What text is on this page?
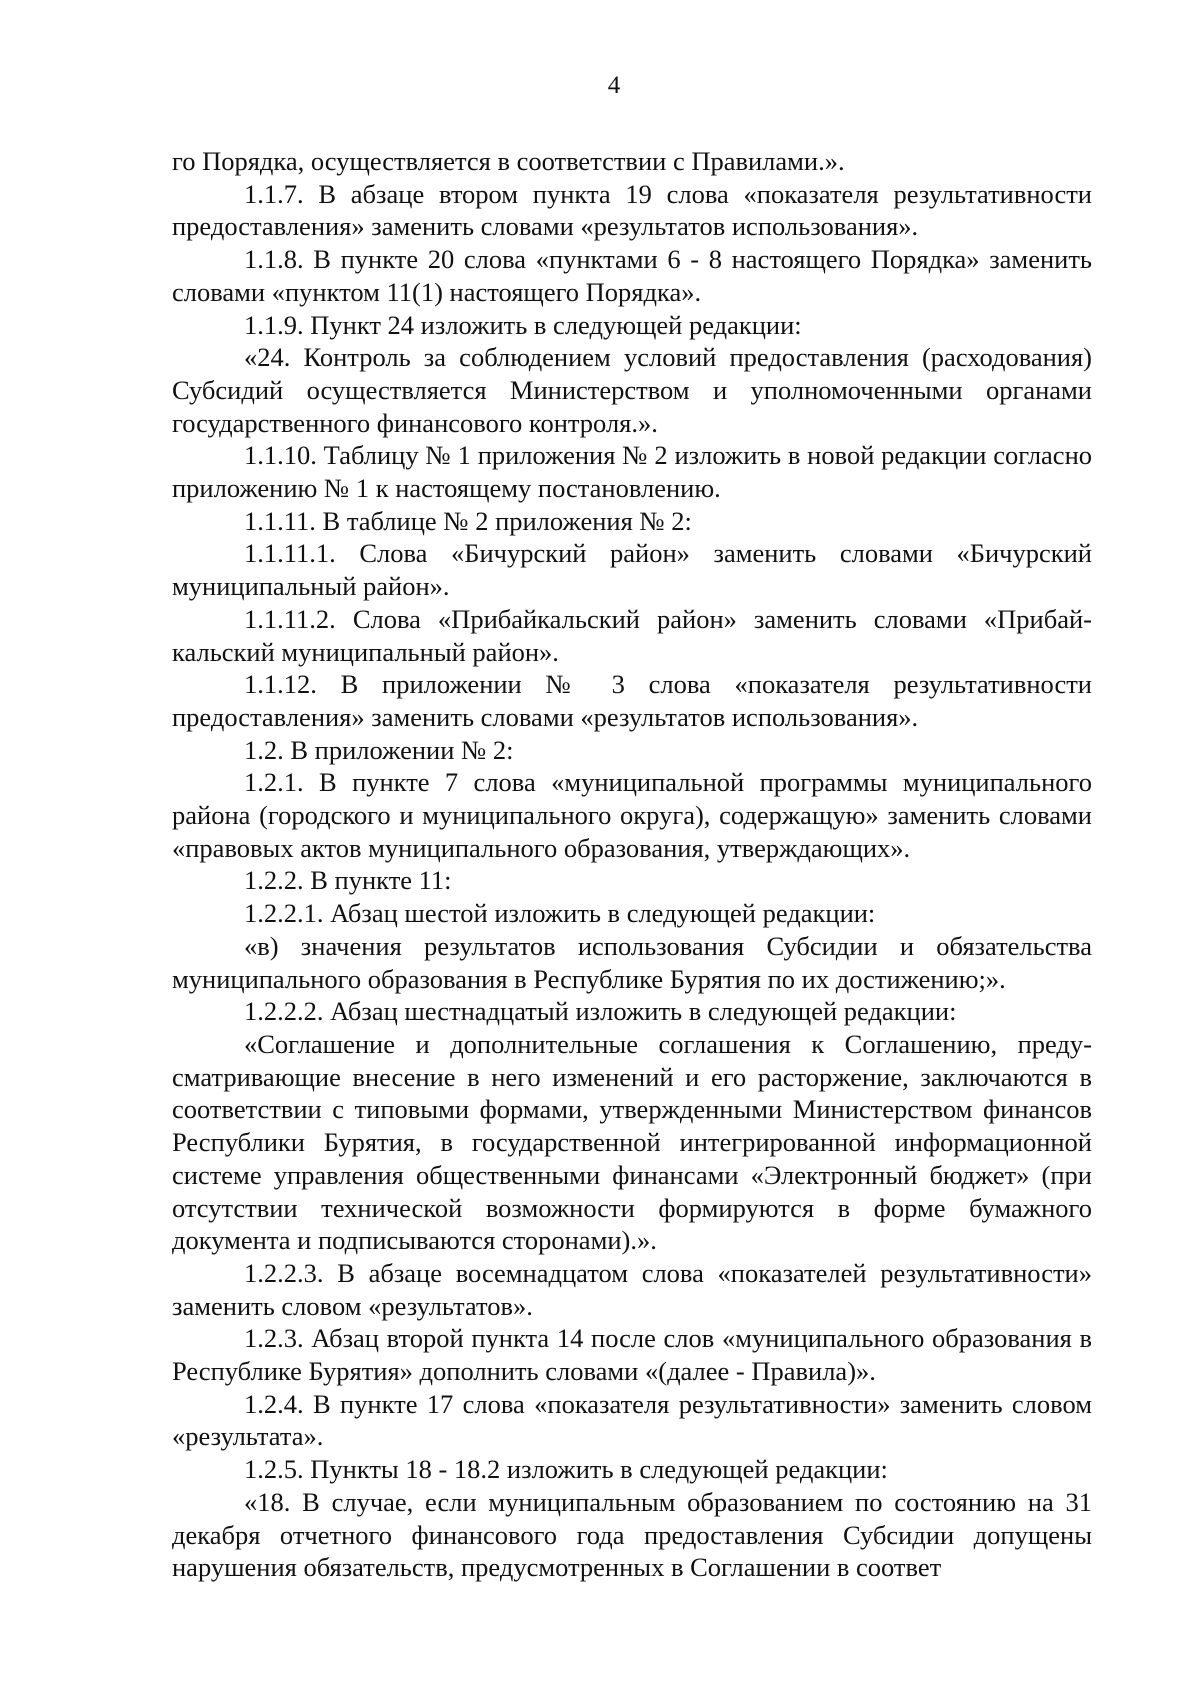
4

го Порядка, осуществляется в соответствии с Правилами.».

1.1.7. В абзаце втором пункта 19 слова «показателя результативности предоставления» заменить словами «результатов использования».

1.1.8. В пункте 20 слова «пунктами 6 - 8 настоящего Порядка» заменить словами «пунктом 11(1) настоящего Порядка».

1.1.9. Пункт 24 изложить в следующей редакции:

«24. Контроль за соблюдением условий предоставления (расходования) Субсидий осуществляется Министерством и уполномоченными органами государственного финансового контроля.».

1.1.10. Таблицу № 1 приложения № 2 изложить в новой редакции согласно приложению № 1 к настоящему постановлению.

1.1.11. В таблице № 2 приложения № 2:

1.1.11.1. Слова «Бичурский район» заменить словами «Бичурский муниципальный район».

1.1.11.2. Слова «Прибайкальский район» заменить словами «Прибайкальский муниципальный район».

1.1.12. В приложении № 3 слова «показателя результативности предоставления» заменить словами «результатов использования».

1.2. В приложении № 2:

1.2.1. В пункте 7 слова «муниципальной программы муниципального района (городского и муниципального округа), содержащую» заменить словами «правовых актов муниципального образования, утверждающих».

1.2.2. В пункте 11:

1.2.2.1. Абзац шестой изложить в следующей редакции:

«в) значения результатов использования Субсидии и обязательства муниципального образования в Республике Бурятия по их достижению;».

1.2.2.2. Абзац шестнадцатый изложить в следующей редакции:

«Соглашение и дополнительные соглашения к Соглашению, предусматривающие внесение в него изменений и его расторжение, заключаются в соответствии с типовыми формами, утвержденными Министерством финансов Республики Бурятия, в государственной интегрированной информационной системе управления общественными финансами «Электронный бюджет» (при отсутствии технической возможности формируются в форме бумажного документа и подписываются сторонами).».

1.2.2.3. В абзаце восемнадцатом слова «показателей результативности» заменить словом «результатов».

1.2.3. Абзац второй пункта 14 после слов «муниципального образования в Республике Бурятия» дополнить словами «(далее - Правила)».

1.2.4. В пункте 17 слова «показателя результативности» заменить словом «результата».

1.2.5. Пункты 18 - 18.2 изложить в следующей редакции:

«18. В случае, если муниципальным образованием по состоянию на 31 декабря отчетного финансового года предоставления Субсидии допущены нарушения обязательств, предусмотренных в Соглашении в соответ
